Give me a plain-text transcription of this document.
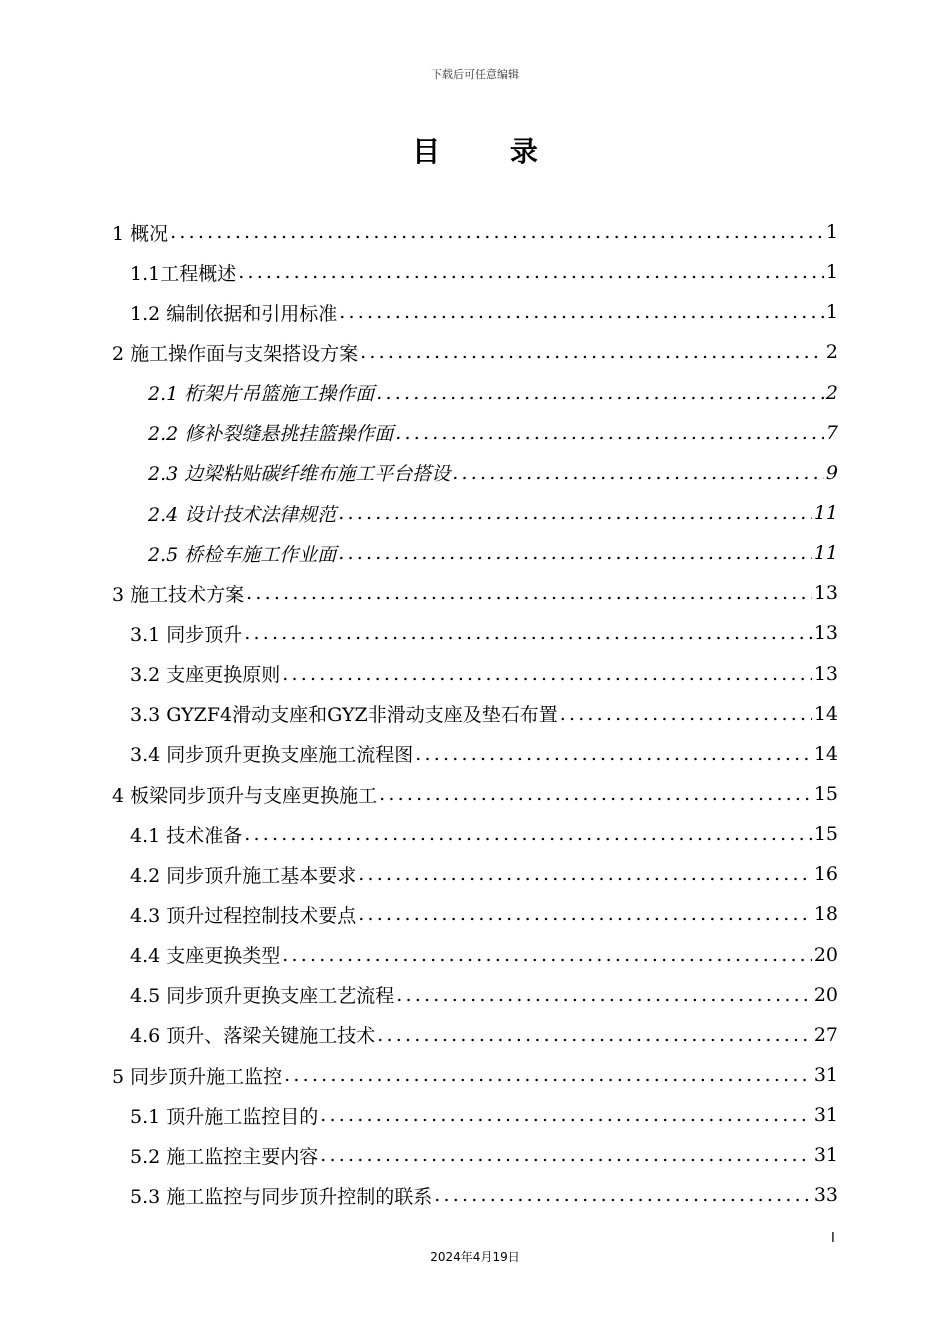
下载后可任意编辑
目 录
1 概况 .....	1
1.1工程概述 .....	1
1.2 编制依据和引用标准 .....	1
2 施工操作面与支架搭设方案 .....	2
2.1 桁架片吊篮施工操作面 .....	2
2.2 修补裂缝悬挑挂篮操作面 .....	7
2.3 边梁粘贴碳纤维布施工平台搭设 .....	9
2.4 设计技术法律规范 .....	11
2.5 桥检车施工作业面 .....	11
3 施工技术方案 .....	13
3.1 同步顶升 .....	13
3.2 支座更换原则 .....	13
3.3 GYZF4滑动支座和GYZ非滑动支座及垫石布置 .....	14
3.4 同步顶升更换支座施工流程图 .....	14
4 板梁同步顶升与支座更换施工 .....	15
4.1 技术准备 .....	15
4.2 同步顶升施工基本要求 .....	16
4.3 顶升过程控制技术要点 .....	18
4.4 支座更换类型 .....	20
4.5 同步顶升更换支座工艺流程 .....	20
4.6 顶升、落梁关键施工技术 .....	27
5 同步顶升施工监控 .....	31
5.1 顶升施工监控目的 .....	31
5.2 施工监控主要内容 .....	31
5.3 施工监控与同步顶升控制的联系 .....	33
I
2024年4月19日
